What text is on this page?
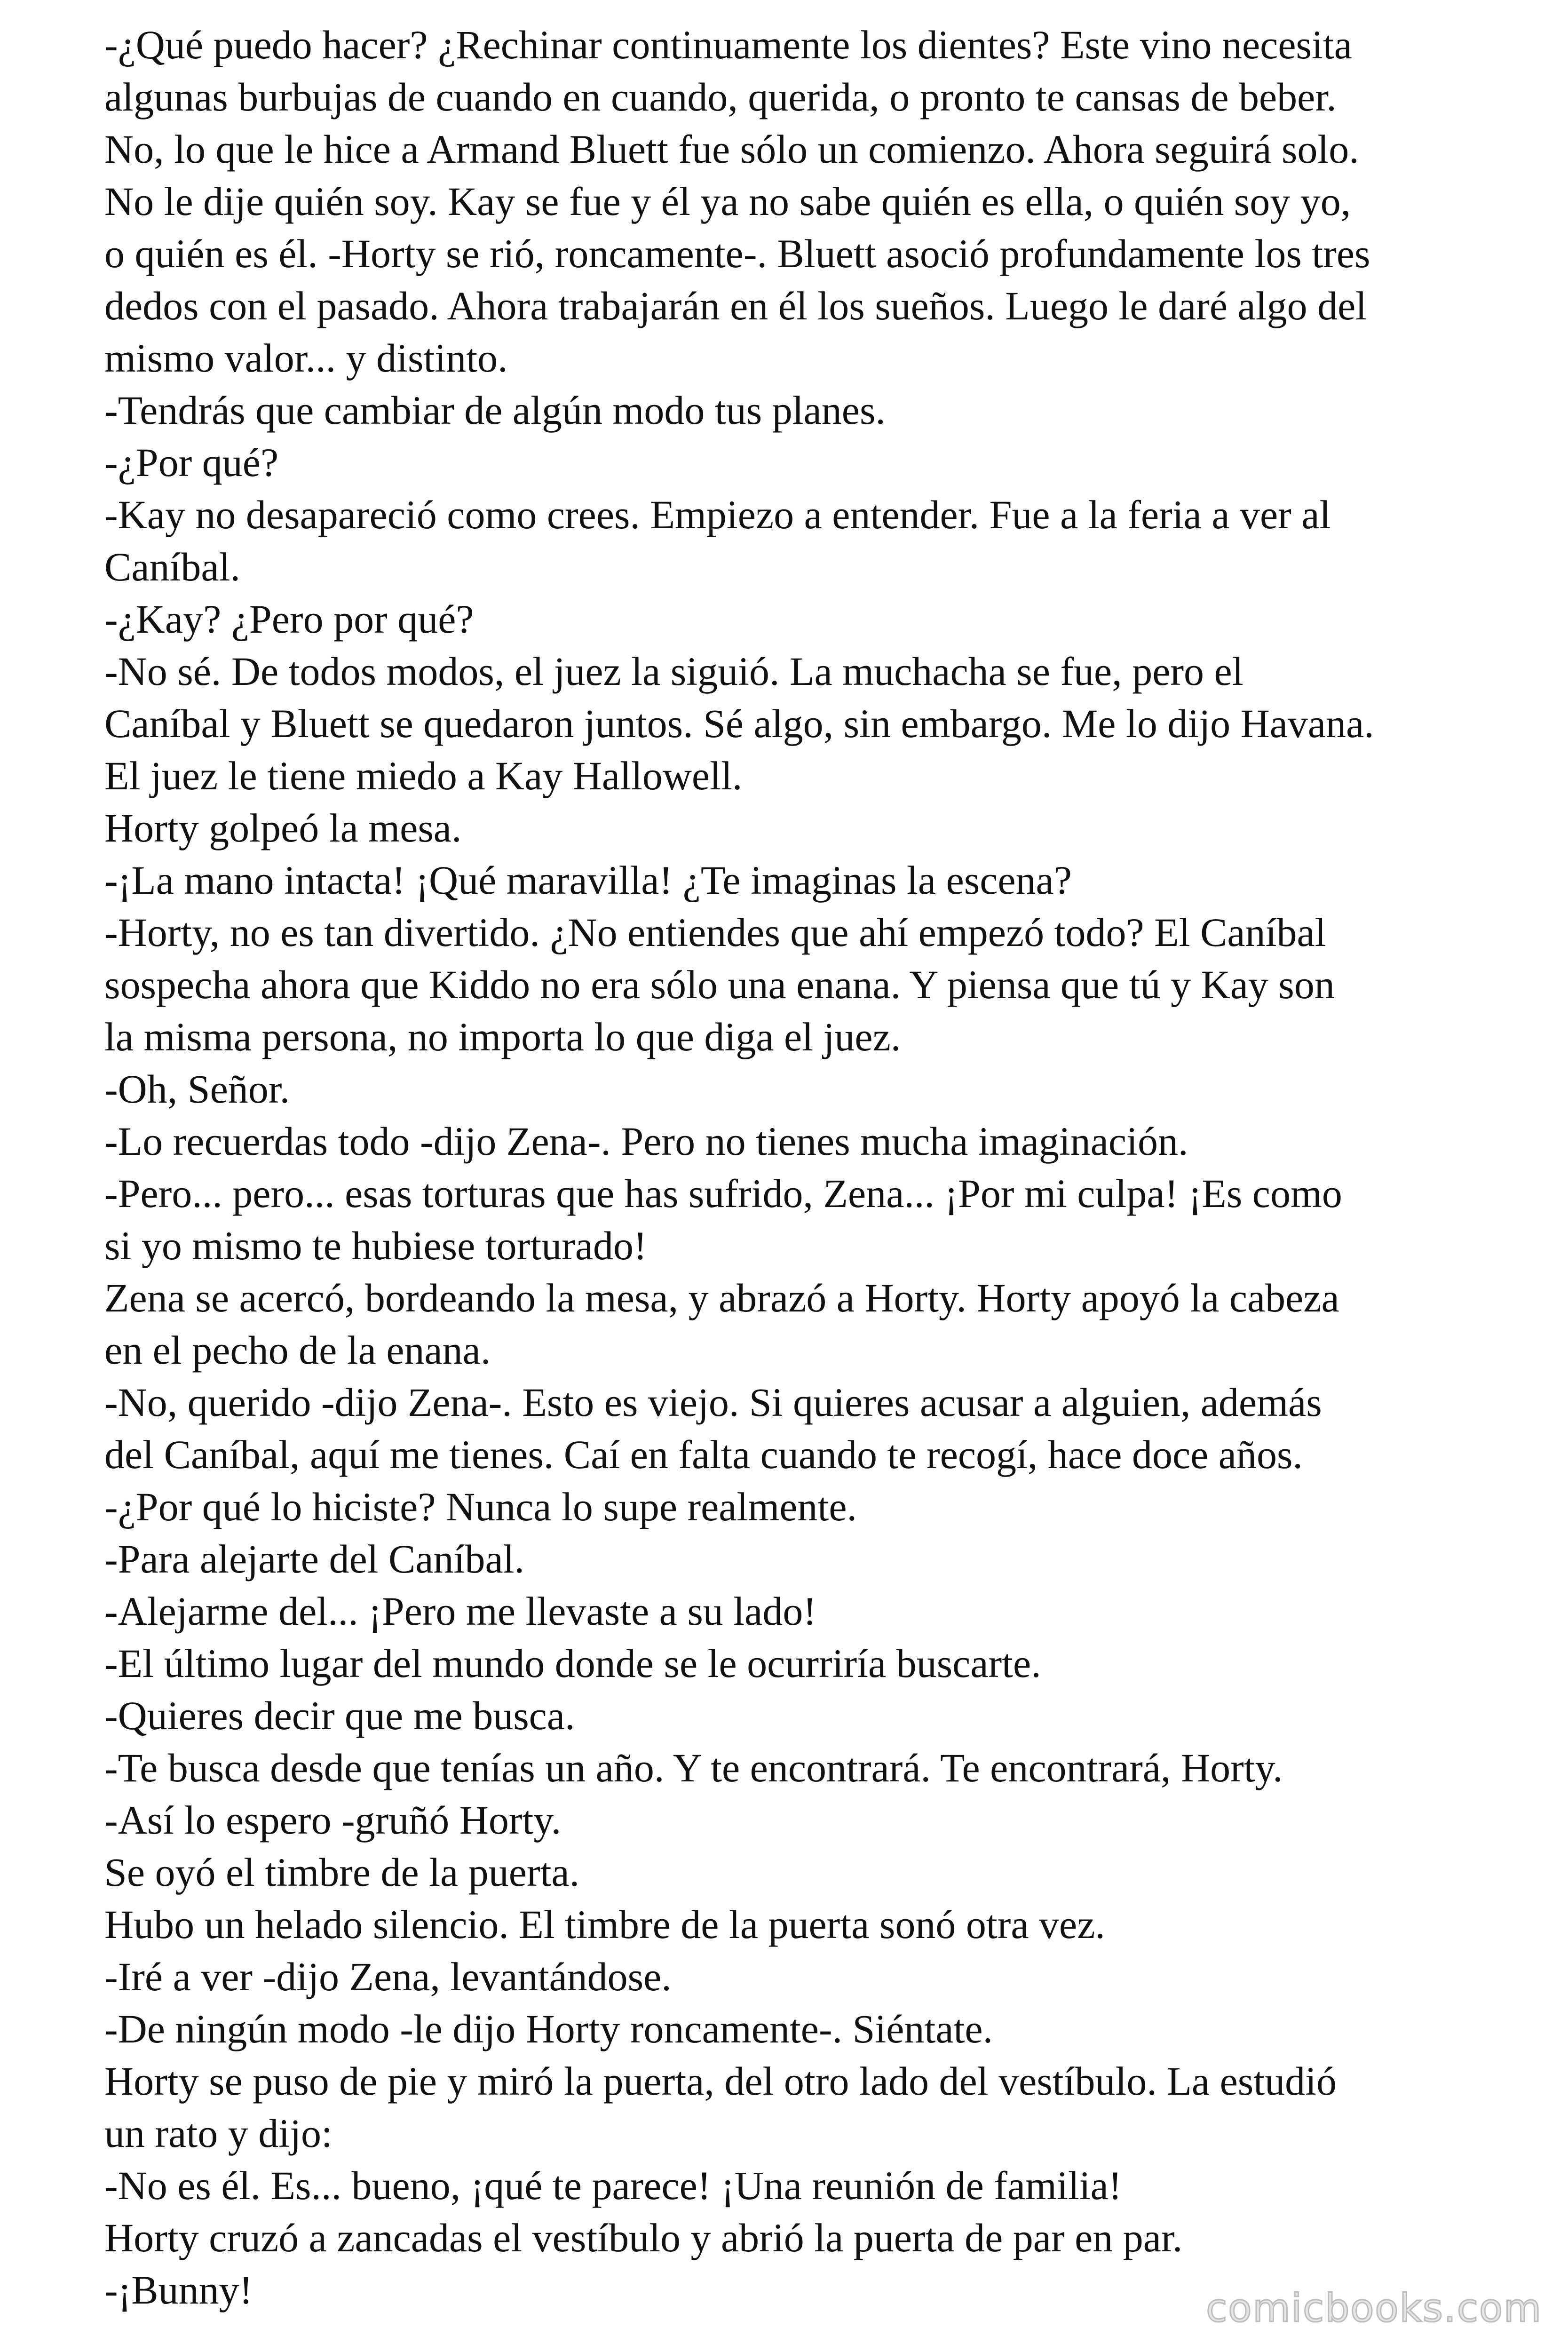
-¿Qué puedo hacer? ¿Rechinar continuamente los dientes? Este vino necesita
algunas burbujas de cuando en cuando, querida, o pronto te cansas de beber.
No, lo que le hice a Armand Bluett fue sólo un comienzo. Ahora seguirá solo.
No le dije quién soy. Kay se fue y él ya no sabe quién es ella, o quién soy yo,
o quién es él. -Horty se rió, roncamente-. Bluett asoció profundamente los tres
dedos con el pasado. Ahora trabajarán en él los sueños. Luego le daré algo del
mismo valor... y distinto.
-Tendrás que cambiar de algún modo tus planes.
-¿Por qué?
-Kay no desapareció como crees. Empiezo a entender. Fue a la feria a ver al
Caníbal.
-¿Kay? ¿Pero por qué?
-No sé. De todos modos, el juez la siguió. La muchacha se fue, pero el
Caníbal y Bluett se quedaron juntos. Sé algo, sin embargo. Me lo dijo Havana.
El juez le tiene miedo a Kay Hallowell.
Horty golpeó la mesa.
-¡La mano intacta! ¡Qué maravilla! ¿Te imaginas la escena?
-Horty, no es tan divertido. ¿No entiendes que ahí empezó todo? El Caníbal
sospecha ahora que Kiddo no era sólo una enana. Y piensa que tú y Kay son
la misma persona, no importa lo que diga el juez.
-Oh, Señor.
-Lo recuerdas todo -dijo Zena-. Pero no tienes mucha imaginación.
-Pero... pero... esas torturas que has sufrido, Zena... ¡Por mi culpa! ¡Es como
si yo mismo te hubiese torturado!
Zena se acercó, bordeando la mesa, y abrazó a Horty. Horty apoyó la cabeza
en el pecho de la enana.
-No, querido -dijo Zena-. Esto es viejo. Si quieres acusar a alguien, además
del Caníbal, aquí me tienes. Caí en falta cuando te recogí, hace doce años.
-¿Por qué lo hiciste? Nunca lo supe realmente.
-Para alejarte del Caníbal.
-Alejarme del... ¡Pero me llevaste a su lado!
-El último lugar del mundo donde se le ocurriría buscarte.
-Quieres decir que me busca.
-Te busca desde que tenías un año. Y te encontrará. Te encontrará, Horty.
-Así lo espero -gruñó Horty.
Se oyó el timbre de la puerta.
Hubo un helado silencio. El timbre de la puerta sonó otra vez.
-Iré a ver -dijo Zena, levantándose.
-De ningún modo -le dijo Horty roncamente-. Siéntate.
Horty se puso de pie y miró la puerta, del otro lado del vestíbulo. La estudió
un rato y dijo:
-No es él. Es... bueno, ¡qué te parece! ¡Una reunión de familia!
Horty cruzó a zancadas el vestíbulo y abrió la puerta de par en par.
-¡Bunny!	comicbooks.com
